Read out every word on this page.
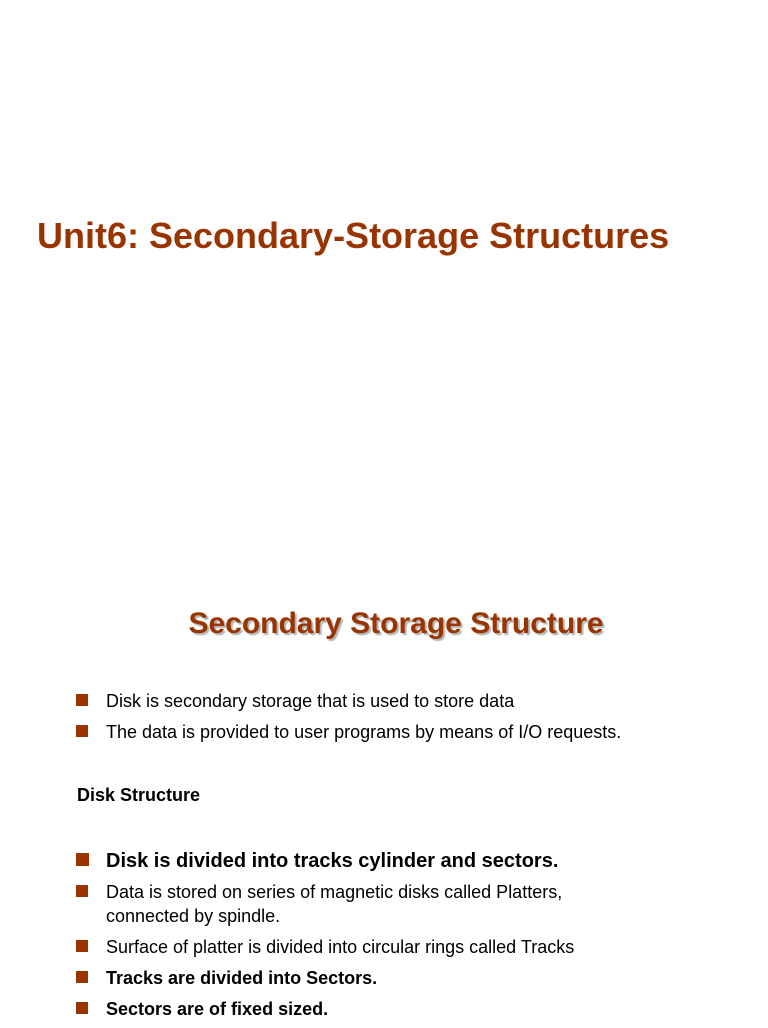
Unit6: Secondary-Storage Structures
Secondary Storage Structure
Disk is secondary storage that is used to store data
The data is provided to user programs by means of I/O requests.
Disk Structure
Disk is divided into tracks cylinder and sectors.
Data is stored on series of magnetic disks called Platters, connected by spindle.
Surface of platter is divided into circular rings called Tracks
Tracks are divided into Sectors.
Sectors are of fixed sized.
